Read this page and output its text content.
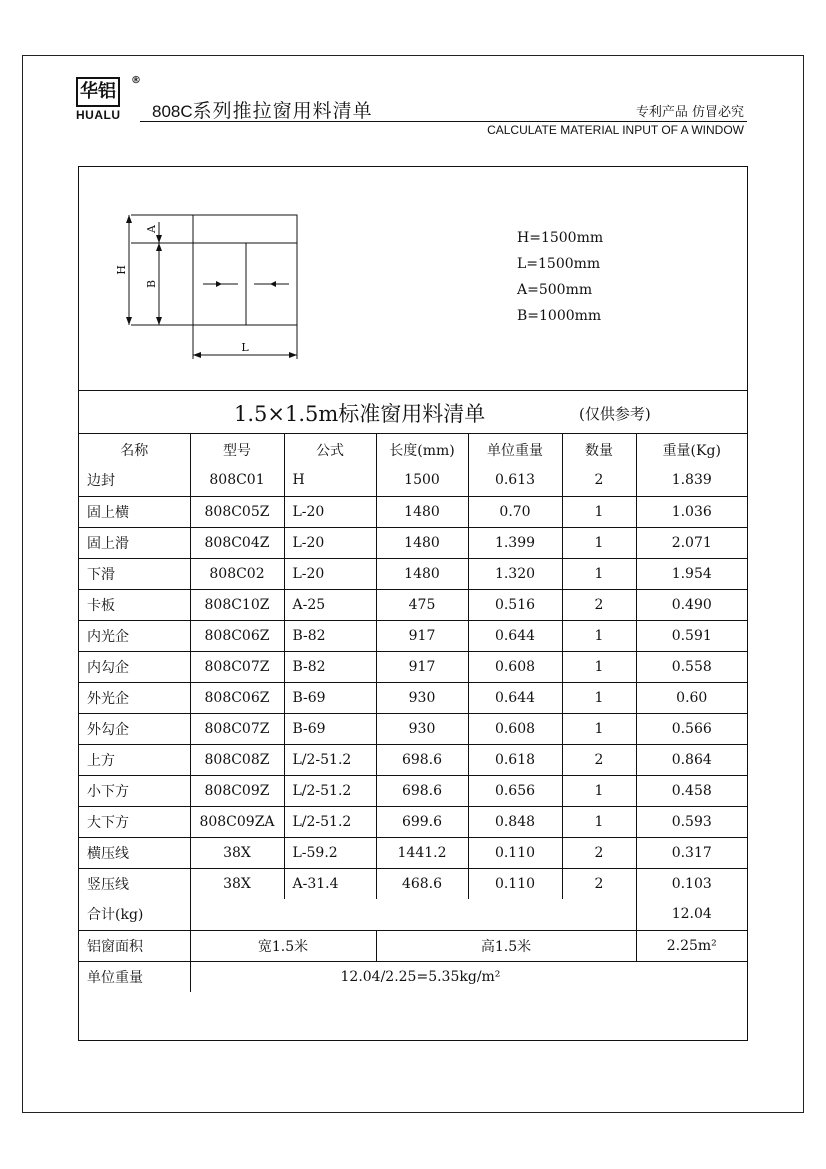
华铝
®
HUALU	808C系列推拉窗用料清单	专利产品 仿冒必究
CALCULATE MATERIAL INPUT OF A WINDOW
H
B
A
L
H=1500mm
L=1500mm
A=500mm
B=1000mm
1.5×1.5m标准窗用料清单	(仅供参考)
名称	型号	公式	长度(mm)	单位重量	数量	重量(Kg)
边封	808C01	H	1500	0.613	2	1.839
固上横	808C05Z	L-20	1480	0.70	1	1.036
固上滑	808C04Z	L-20	1480	1.399	1	2.071
下滑	808C02	L-20	1480	1.320	1	1.954
卡板	808C10Z	A-25	475	0.516	2	0.490
内光企	808C06Z	B-82	917	0.644	1	0.591
内勾企	808C07Z	B-82	917	0.608	1	0.558
外光企	808C06Z	B-69	930	0.644	1	0.60
外勾企	808C07Z	B-69	930	0.608	1	0.566
上方	808C08Z	L/2-51.2	698.6	0.618	2	0.864
小下方	808C09Z	L/2-51.2	698.6	0.656	1	0.458
大下方	808C09ZA	L/2-51.2	699.6	0.848	1	0.593
横压线	38X	L-59.2	1441.2	0.110	2	0.317
竖压线	38X	A-31.4	468.6	0.110	2	0.103
合计(kg)						12.04
铝窗面积	宽1.5米		高1.5米			2.25m²
单位重量	12.04/2.25=5.35kg/m²					
